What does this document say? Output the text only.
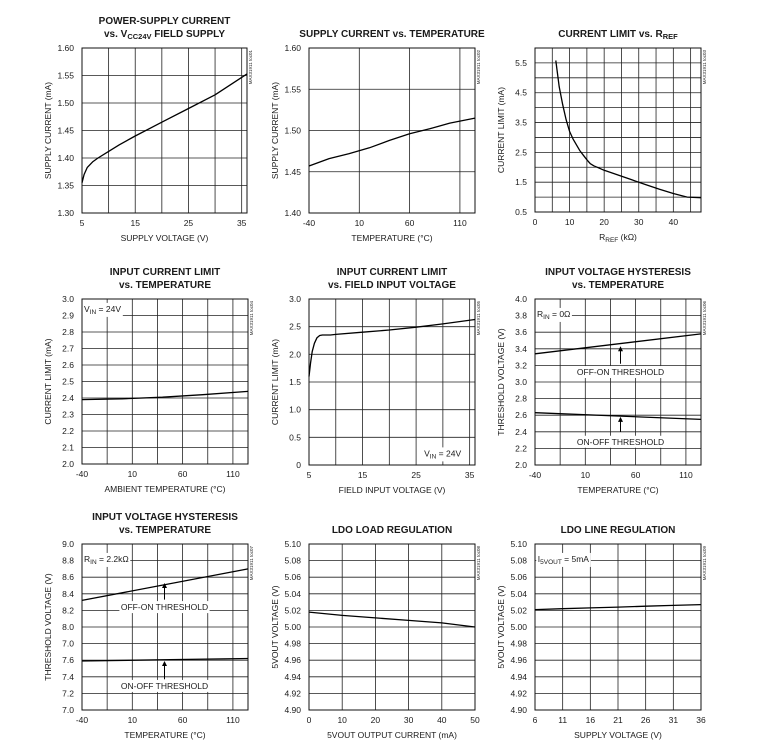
POWER-SUPPLY CURRENT
vs. $V_{CC24V}$ FIELD SUPPLY
5	15	25	35
1.30
1.35
1.40
1.45
1.50
1.55
1.60
SUPPLY VOLTAGE (V)
SUPPLY CURRENT (mA)
MAX31911 toc01
SUPPLY CURRENT vs. TEMPERATURE
-40	10	60	110
1.40
1.45
1.50
1.55
1.60
TEMPERATURE (°C)
SUPPLY CURRENT (mA)
MAX31911 toc02
CURRENT LIMIT vs. $R_{REF}$
0	10	20	30	40
0.5
1.5
2.5
3.5
4.5
5.5
$R_{REF}$ (kΩ)
CURRENT LIMIT (mA)
MAX31911 toc03
INPUT CURRENT LIMIT
vs. TEMPERATURE
-40	10	60	110
2.0
2.1
2.2
2.3
2.4
2.5
2.6
2.7
2.8
2.9
3.0
AMBIENT TEMPERATURE (°C)
CURRENT LIMIT (mA)
MAX31911 toc04
$V_{IN} = 24V$
INPUT CURRENT LIMIT
vs. FIELD INPUT VOLTAGE
5	15	25	35
0
0.5
1.0
1.5
2.0
2.5
3.0
FIELD INPUT VOLTAGE (V)
CURRENT LIMIT (mA)
MAX31911 toc05
$V_{IN} = 24V$
INPUT VOLTAGE HYSTERESIS
vs. TEMPERATURE
-40	10	60	110
2.0
2.2
2.4
2.6
2.8
3.0
3.2
3.4
3.6
3.8
4.0
TEMPERATURE (°C)
THRESHOLD VOLTAGE (V)
MAX31911 toc06
$R_{IN} = 0\Omega$
OFF-ON THRESHOLD
ON-OFF THRESHOLD
INPUT VOLTAGE HYSTERESIS
vs. TEMPERATURE
-40	10	60	110
7.0
7.2
7.4
7.6
7.0
8.0
8.2
8.4
8.6
8.8
9.0
TEMPERATURE (°C)
THRESHOLD VOLTAGE (V)
MAX31911 toc07
$R_{IN} = 2.2k\Omega$
OFF-ON THRESHOLD
ON-OFF THRESHOLD
LDO LOAD REGULATION
0	10	20	30	40	50
4.90
4.92
4.94
4.96
4.98
5.00
5.02
5.04
5.06
5.08
5.10
5VOUT OUTPUT CURRENT (mA)
5VOUT VOLTAGE (V)
MAX31911 toc08
LDO LINE REGULATION
6 11 16 21 26 31 36
4.90
4.92
4.94
4.96
4.98
5.00
5.02
5.04
5.06
5.08
5.10
SUPPLY VOLTAGE (V)
5VOUT VOLTAGE (V)
MAX31911 toc09
$I_{5VOUT} = 5mA$
